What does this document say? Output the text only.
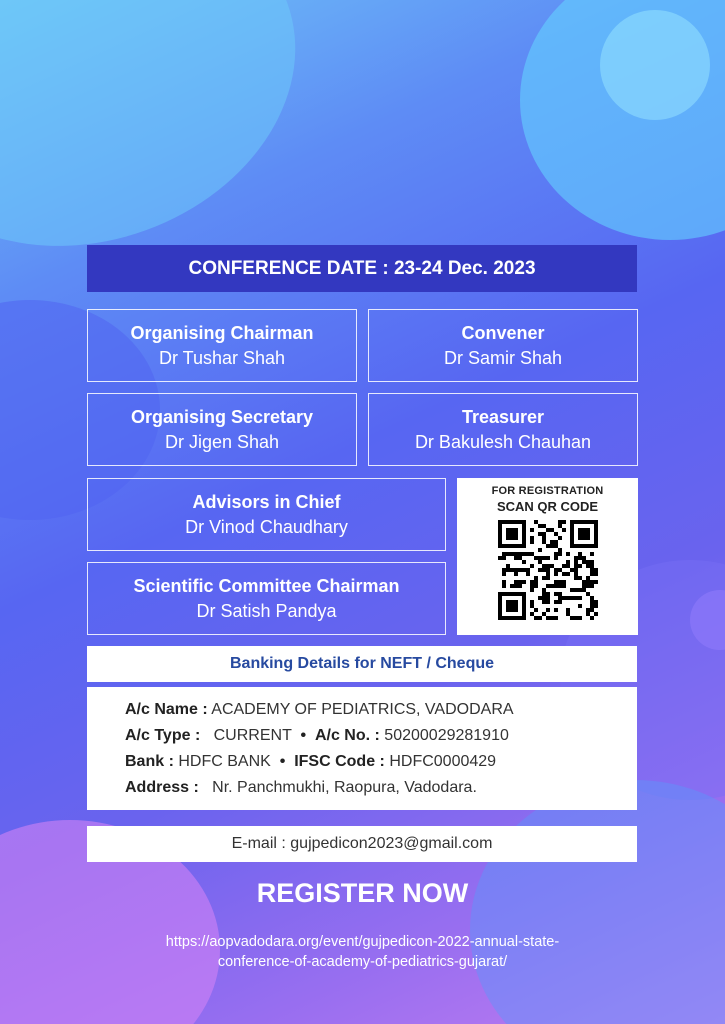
CONFERENCE DATE : 23-24 Dec. 2023
Organising Chairman
Dr Tushar Shah
Convener
Dr Samir Shah
Organising Secretary
Dr Jigen Shah
Treasurer
Dr Bakulesh Chauhan
Advisors in Chief
Dr Vinod Chaudhary
Scientific Committee Chairman
Dr Satish Pandya
FOR REGISTRATION
SCAN QR CODE
Banking Details for NEFT / Cheque
A/c Name : ACADEMY OF PEDIATRICS, VADODARA
A/c Type : CURRENT • A/c No. : 50200029281910
Bank : HDFC BANK • IFSC Code : HDFC0000429
Address : Nr. Panchmukhi, Raopura, Vadodara.
E-mail : gujpedicon2023@gmail.com
REGISTER NOW
https://aopvadodara.org/event/gujpedicon-2022-annual-state-
conference-of-academy-of-pediatrics-gujarat/
